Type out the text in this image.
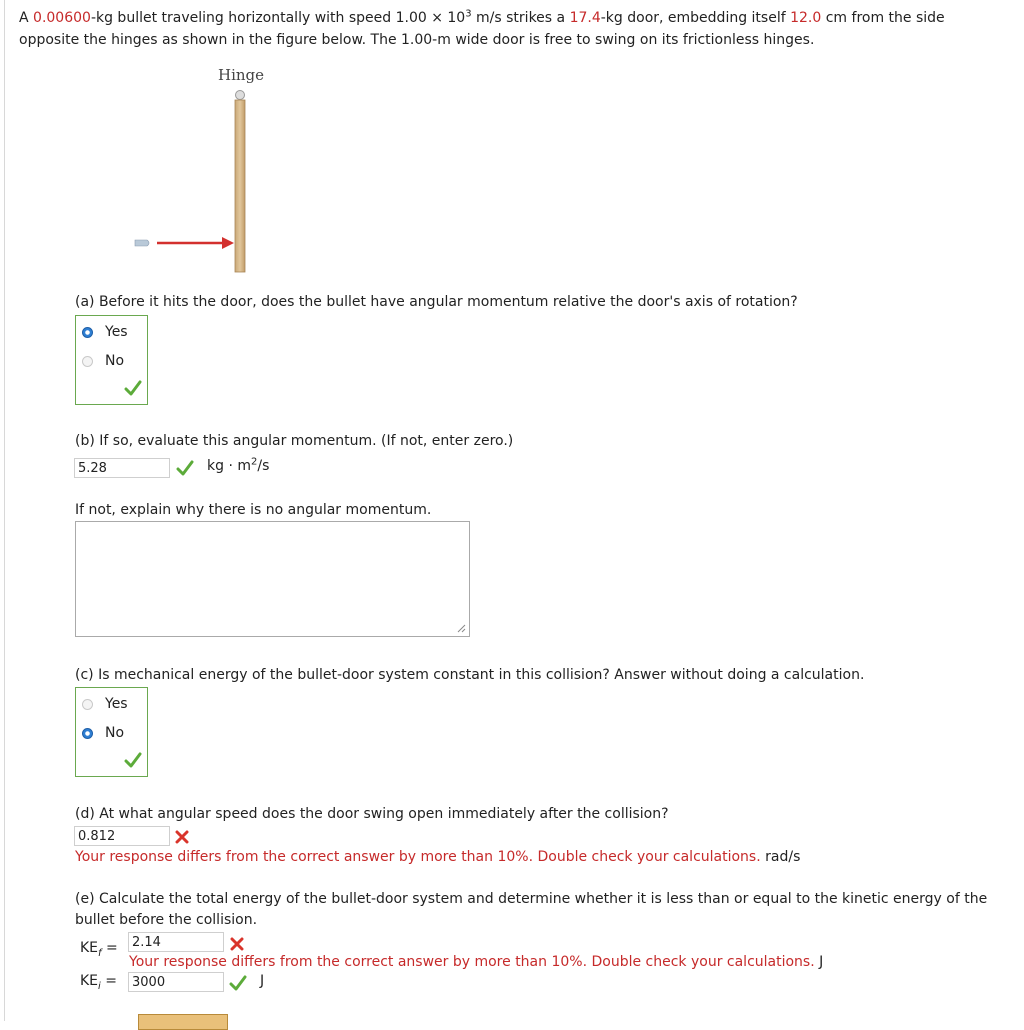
A 0.00600-kg bullet traveling horizontally with speed $1.00 \times 10^3$ m/s strikes a 17.4-kg door, embedding itself 12.0 cm from the side opposite the hinges as shown in the figure below. The 1.00-m wide door is free to swing on its frictionless hinges.
Hinge
(a) Before it hits the door, does the bullet have angular momentum relative the door's axis of rotation?
Yes
No
(b) If so, evaluate this angular momentum. (If not, enter zero.)
5.28	kg · $m^2/s$
If not, explain why there is no angular momentum.
(c) Is mechanical energy of the bullet-door system constant in this collision? Answer without doing a calculation.
Yes
No
(d) At what angular speed does the door swing open immediately after the collision?
0.812
Your response differs from the correct answer by more than 10%. Double check your calculations. rad/s
(e) Calculate the total energy of the bullet-door system and determine whether it is less than or equal to the kinetic energy of the bullet before the collision.
$KE_f$ =	2.14
Your response differs from the correct answer by more than 10%. Double check your calculations. J
$KE_i$ =	3000	J
